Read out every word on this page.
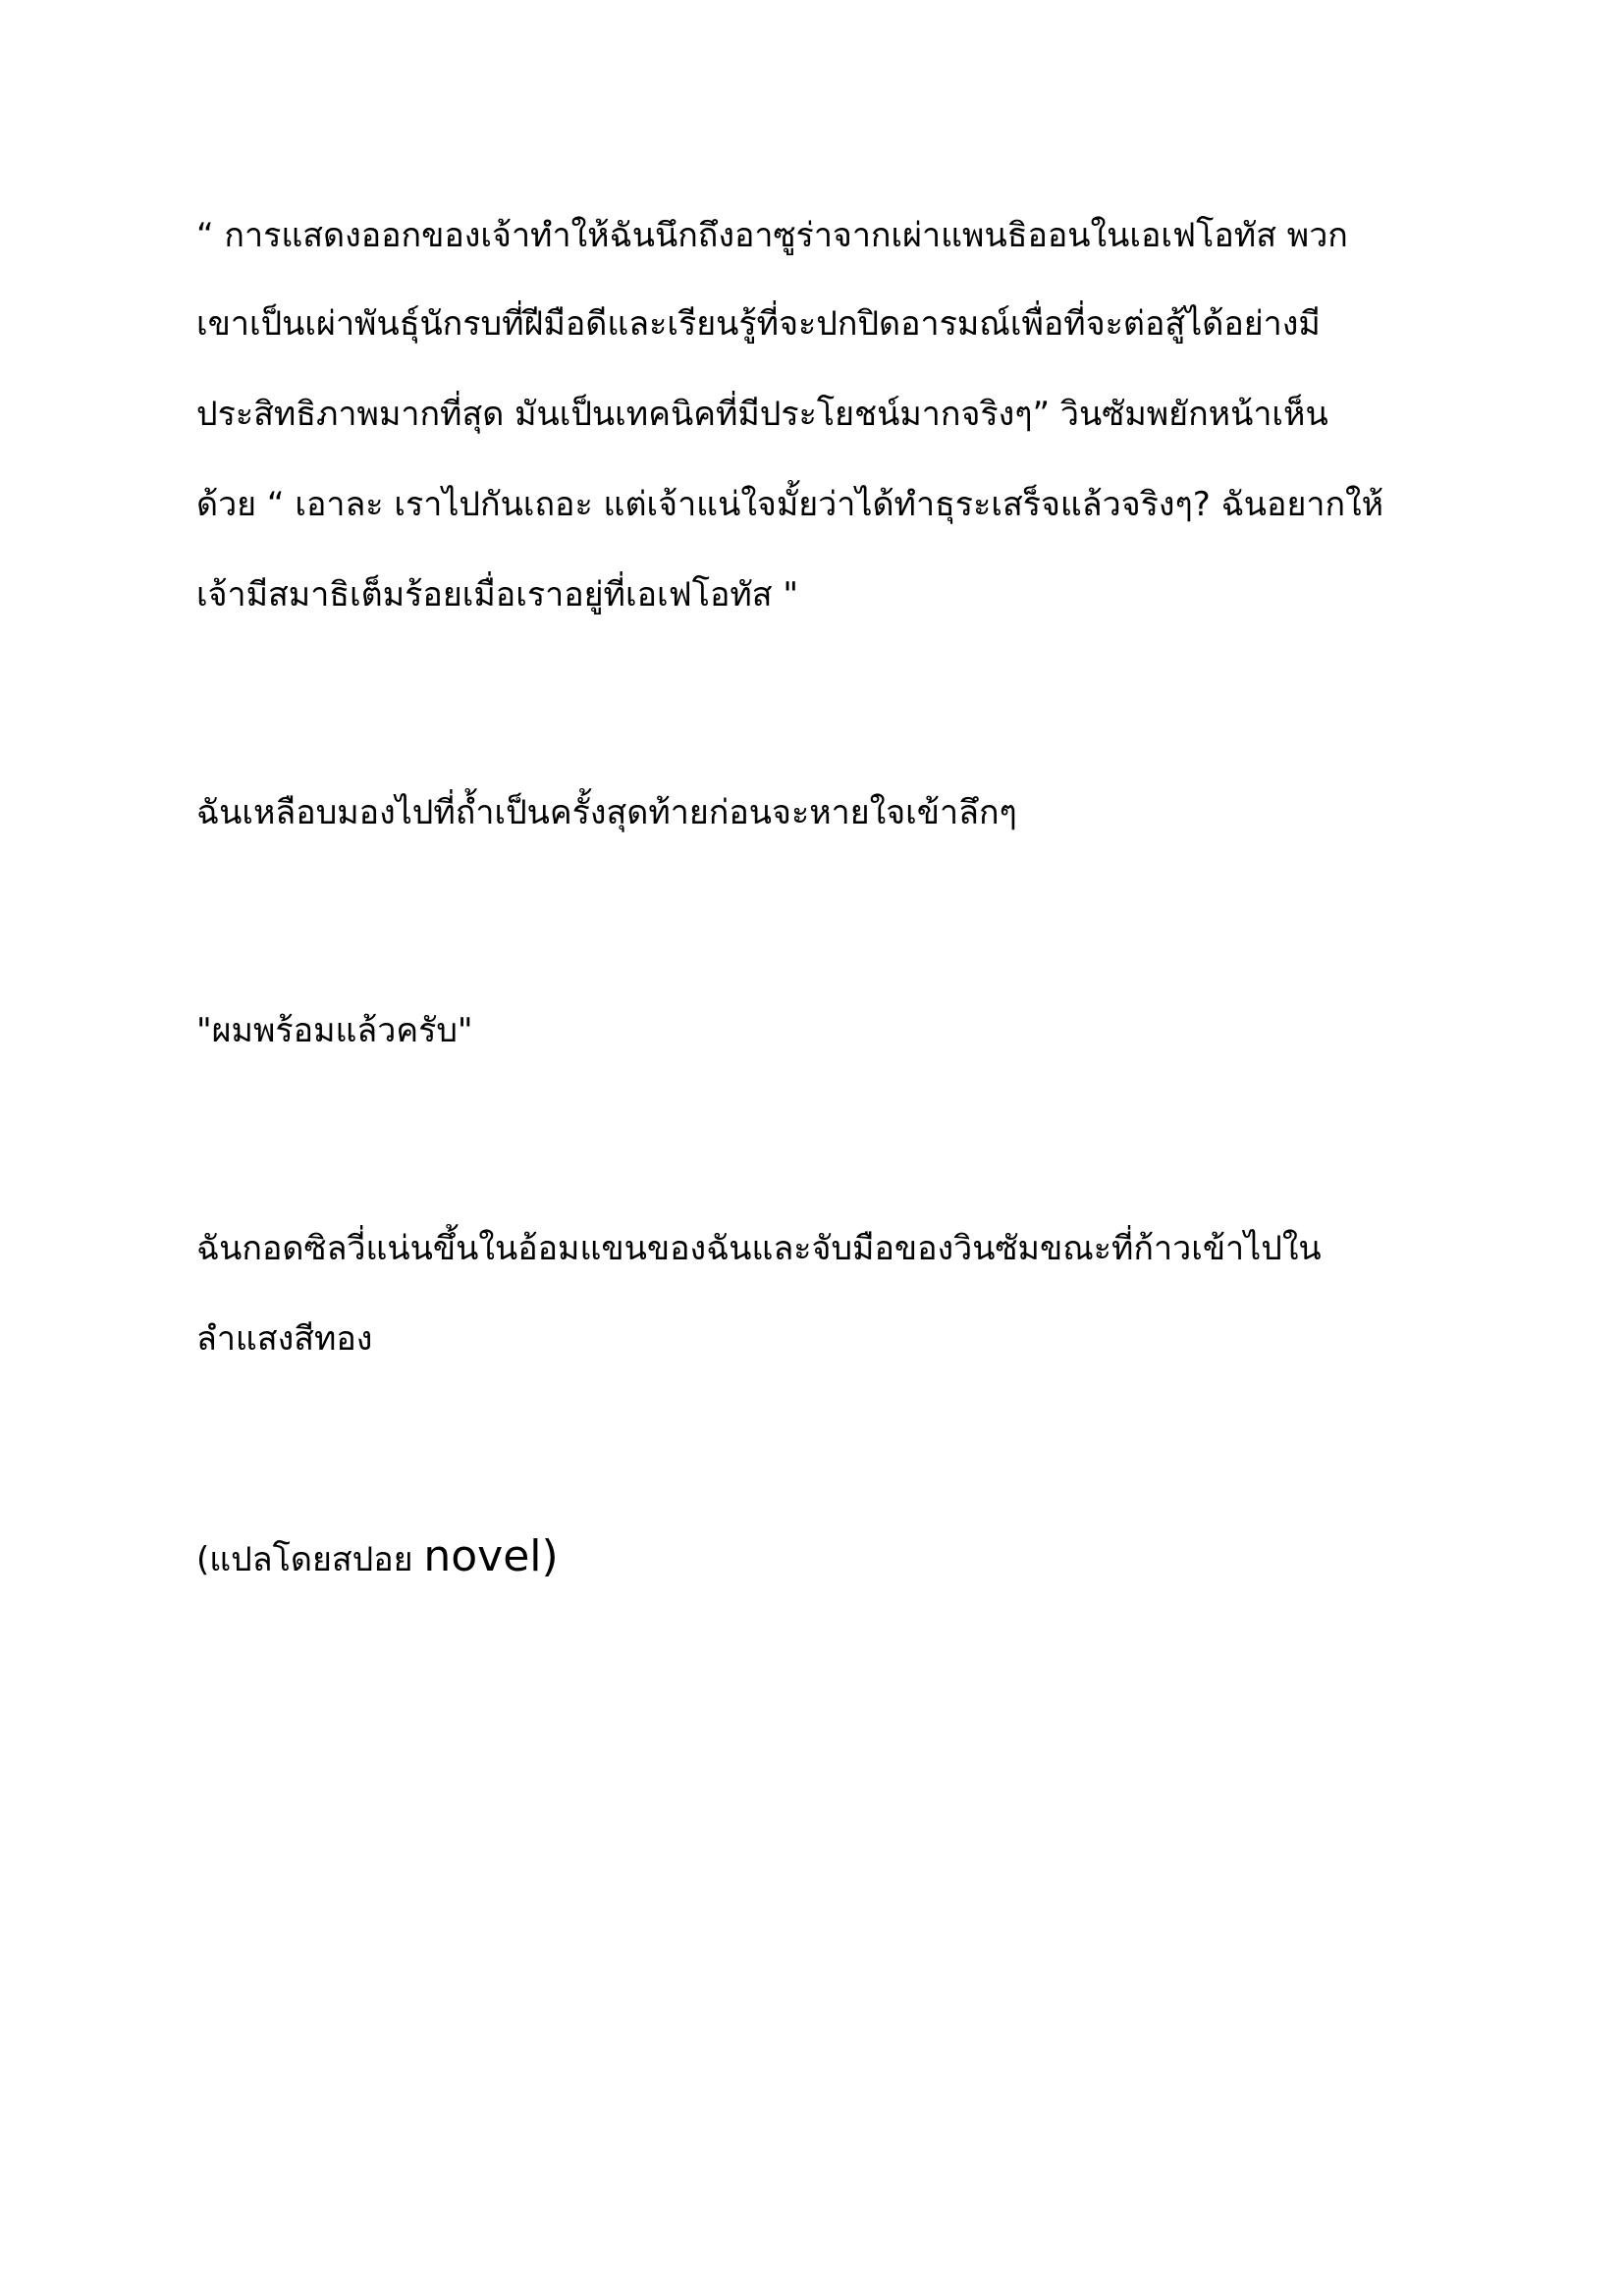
“ การแสดงออกของเจ้าทำให้ฉันนึกถึงอาซูร่าจากเผ่าแพนธิออนในเอเฟโอทัส พวก
เขาเป็นเผ่าพันธุ์นักรบที่ฝีมือดีและเรียนรู้ที่จะปกปิดอารมณ์เพื่อที่จะต่อสู้ได้อย่างมี
ประสิทธิภาพมากที่สุด มันเป็นเทคนิคที่มีประโยชน์มากจริงๆ” วินซัมพยักหน้าเห็น
ด้วย “ เอาละ เราไปกันเถอะ แต่เจ้าแน่ใจมั้ยว่าได้ทำธุระเสร็จแล้วจริงๆ? ฉันอยากให้
เจ้ามีสมาธิเต็มร้อยเมื่อเราอยู่ที่เอเฟโอทัส "
ฉันเหลือบมองไปที่ถ้ำเป็นครั้งสุดท้ายก่อนจะหายใจเข้าลึกๆ
"ผมพร้อมแล้วครับ"
ฉันกอดซิลวี่แน่นขึ้นในอ้อมแขนของฉันและจับมือของวินซัมขณะที่ก้าวเข้าไปใน
ลำแสงสีทอง
(แปลโดยสปอย novel)
